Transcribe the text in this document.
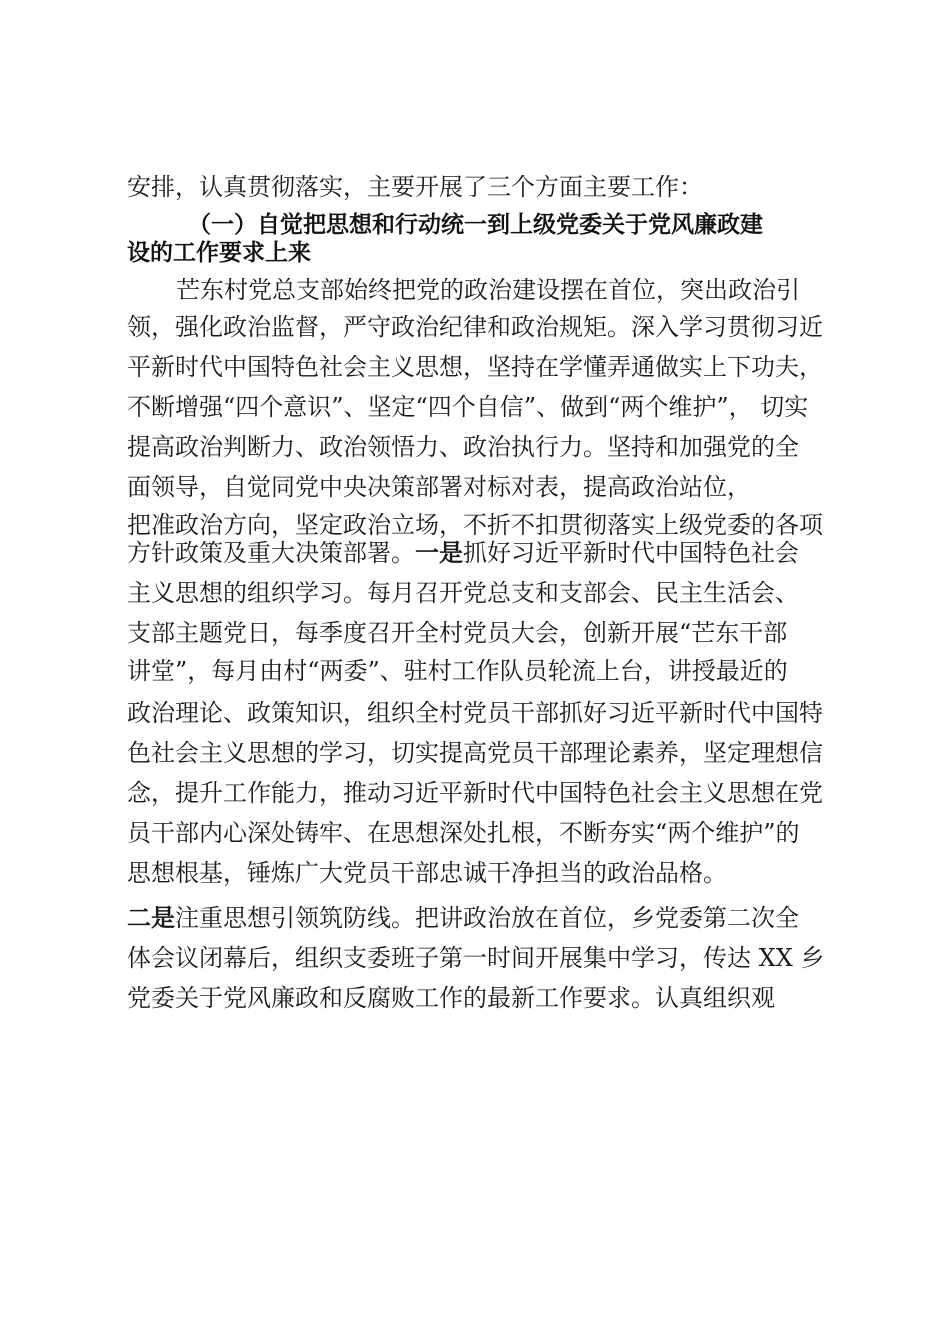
安排，认真贯彻落实，主要开展了三个方面主要工作：
（一）自觉把思想和行动统一到上级党委关于党风廉政建
设的工作要求上来
芒东村党总支部始终把党的政治建设摆在首位，突出政治引
领，强化政治监督，严守政治纪律和政治规矩。深入学习贯彻习近
平新时代中国特色社会主义思想，坚持在学懂弄通做实上下功夫，
不断增强“四个意识”、坚定“四个自信”、做到“两个维护”， 切实
提高政治判断力、政治领悟力、政治执行力。坚持和加强党的全
面领导，自觉同党中央决策部署对标对表，提高政治站位，
把准政治方向，坚定政治立场，不折不扣贯彻落实上级党委的各项
方针政策及重大决策部署。一是抓好习近平新时代中国特色社会
主义思想的组织学习。每月召开党总支和支部会、民主生活会、
支部主题党日，每季度召开全村党员大会，创新开展“芒东干部
讲堂”，每月由村“两委”、驻村工作队员轮流上台，讲授最近的
政治理论、政策知识，组织全村党员干部抓好习近平新时代中国特
色社会主义思想的学习，切实提高党员干部理论素养，坚定理想信
念，提升工作能力，推动习近平新时代中国特色社会主义思想在党
员干部内心深处铸牢、在思想深处扎根，不断夯实“两个维护”的
思想根基，锤炼广大党员干部忠诚干净担当的政治品格。
二是注重思想引领筑防线。把讲政治放在首位，乡党委第二次全
体会议闭幕后，组织支委班子第一时间开展集中学习，传达 XX 乡
党委关于党风廉政和反腐败工作的最新工作要求。认真组织观
